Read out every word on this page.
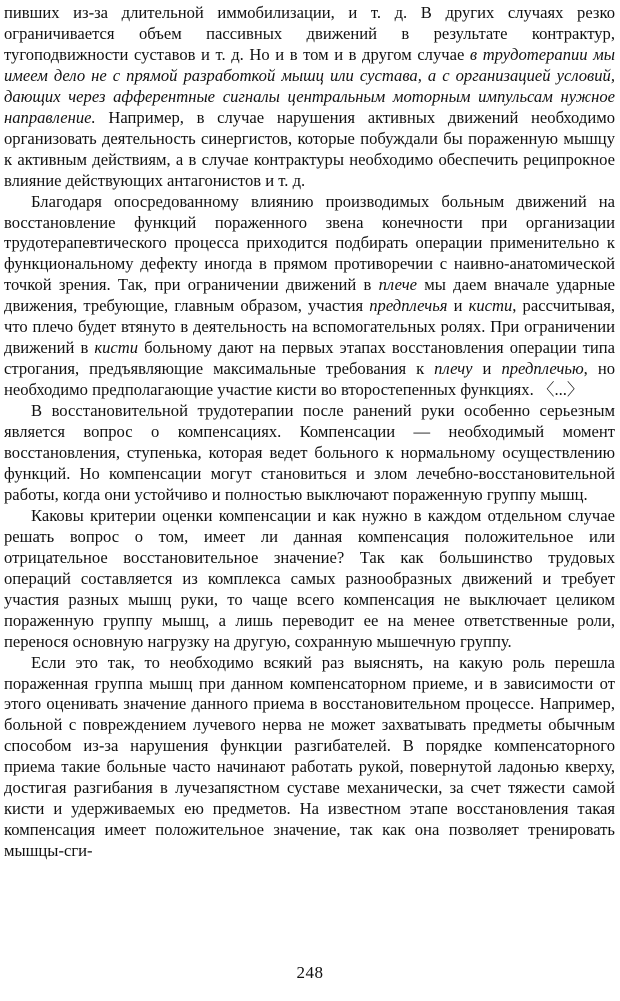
пивших из-за длительной иммобилизации, и т. д. В других случаях резко ограничивается объем пассивных движений в результате контрактур, тугоподвижности суставов и т. д. Но и в том и в другом случае в трудотерапии мы имеем дело не с прямой разработкой мышц или сустава, а с организацией условий, дающих через афферентные сигналы центральным моторным импульсам нужное направление. Например, в случае нарушения активных движений необходимо организовать деятельность синергистов, которые побуждали бы пораженную мышцу к активным действиям, а в случае контрактуры необходимо обеспечить реципрокное влияние действующих антагонистов и т. д.

Благодаря опосредованному влиянию производимых больным движений на восстановление функций пораженного звена конечности при организации трудотерапевтического процесса приходится подбирать операции применительно к функциональному дефекту иногда в прямом противоречии с наивно-анатомической точкой зрения. Так, при ограничении движений в плече мы даем вначале ударные движения, требующие, главным образом, участия предплечья и кисти, рассчитывая, что плечо будет втянуто в деятельность на вспомогательных ролях. При ограничении движений в кисти больному дают на первых этапах восстановления операции типа строгания, предъявляющие максимальные требования к плечу и предплечью, но необходимо предполагающие участие кисти во второстепенных функциях. 〈...〉

В восстановительной трудотерапии после ранений руки особенно серьезным является вопрос о компенсациях. Компенсации — необходимый момент восстановления, ступенька, которая ведет больного к нормальному осуществлению функций. Но компенсации могут становиться и злом лечебно-восстановительной работы, когда они устойчиво и полностью выключают пораженную группу мышц.

Каковы критерии оценки компенсации и как нужно в каждом отдельном случае решать вопрос о том, имеет ли данная компенсация положительное или отрицательное восстановительное значение? Так как большинство трудовых операций составляется из комплекса самых разнообразных движений и требует участия разных мышц руки, то чаще всего компенсация не выключает целиком пораженную группу мышц, а лишь переводит ее на менее ответственные роли, перенося основную нагрузку на другую, сохранную мышечную группу.

Если это так, то необходимо всякий раз выяснять, на какую роль перешла пораженная группа мышц при данном компенсаторном приеме, и в зависимости от этого оценивать значение данного приема в восстановительном процессе. Например, больной с повреждением лучевого нерва не может захватывать предметы обычным способом из-за нарушения функции разгибателей. В порядке компенсаторного приема такие больные часто начинают работать рукой, повернутой ладонью кверху, достигая разгибания в лучезапястном суставе механически, за счет тяжести самой кисти и удерживаемых ею предметов. На известном этапе восстановления такая компенсация имеет положительное значение, так как она позволяет тренировать мышцы-сги-

248
